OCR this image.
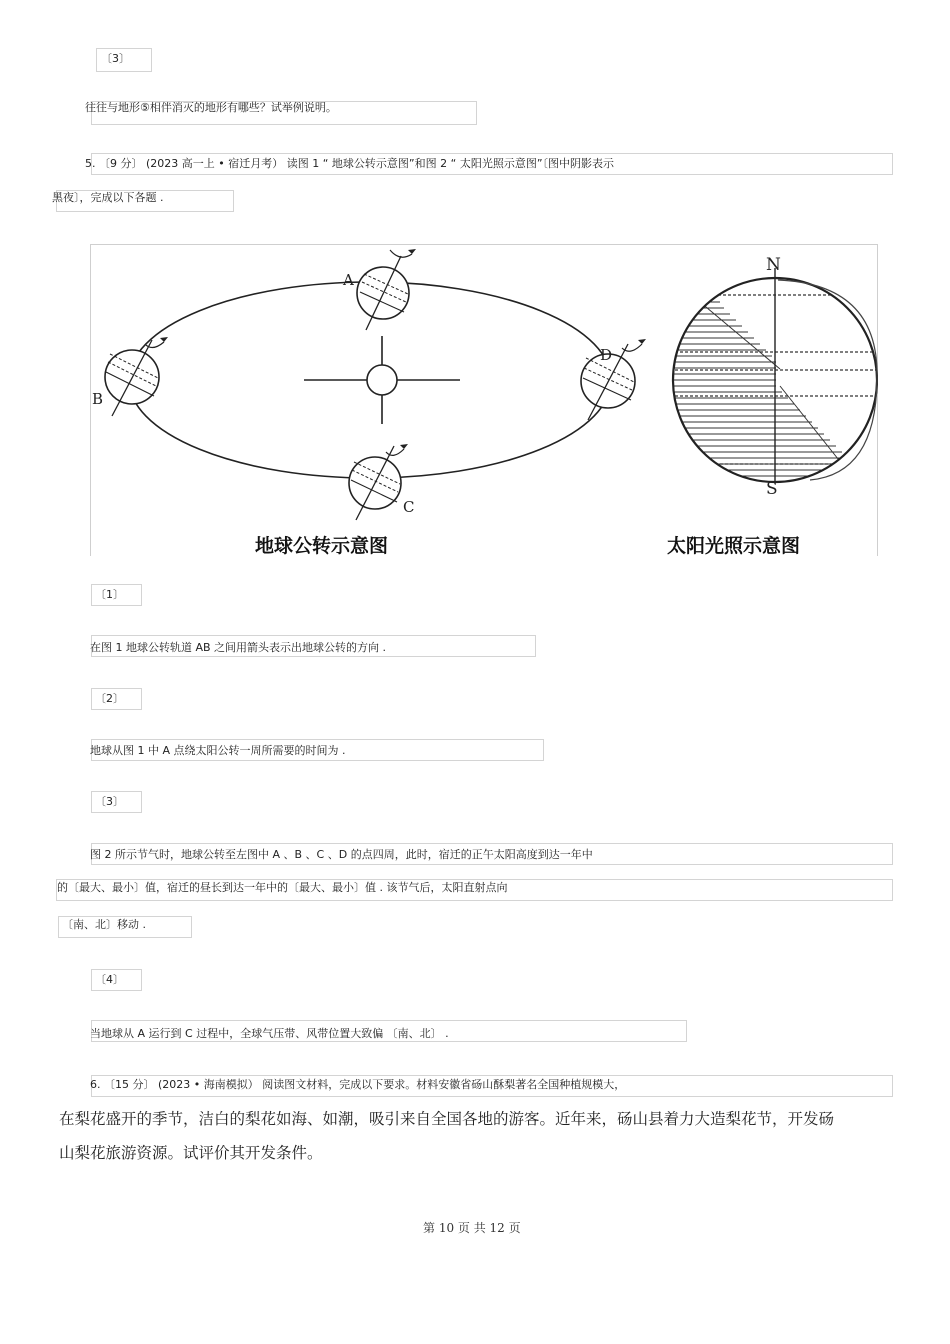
〔3〕
往往与地形⑤相伴消灭的地形有哪些？试举例说明。
5. 〔9 分〕 (2023 高一上 • 宿迁月考） 读图 1 “ 地球公转示意图”和图 2 “ 太阳光照示意图”〔图中阴影表示
黑夜〕，完成以下各题 .
A
B
C
D
N
S
地球公转示意图	太阳光照示意图
〔1〕
在图 1 地球公转轨道 AB 之间用箭头表示出地球公转的方向 .
〔2〕
地球从图 1 中 A 点绕太阳公转一周所需要的时间为 .
〔3〕
图 2 所示节气时，地球公转至左图中 A 、B 、C 、D 的点四周，此时，宿迁的正午太阳高度到达一年中
的〔最大、最小〕值，宿迁的昼长到达一年中的〔最大、最小〕值 . 该节气后，太阳直射点向
〔南、北〕移动 .
〔4〕
当地球从 A 运行到 C 过程中，全球气压带、风带位置大致偏 〔南、北〕 .
6. 〔15 分〕 (2023 • 海南模拟） 阅读图文材料，完成以下要求。材料安徽省砀山酥梨著名全国种植规模大，
在梨花盛开的季节，洁白的梨花如海、如潮，吸引来自全国各地的游客。近年来，砀山县着力大造梨花节，开发砀
山梨花旅游资源。试评价其开发条件。
第 10 页 共 12 页
